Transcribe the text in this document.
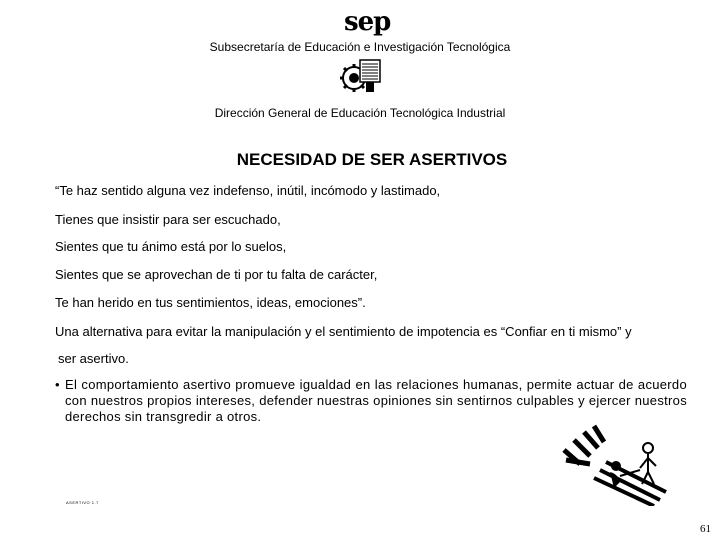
sep
Subsecretaría de Educación e Investigación Tecnológica
Dirección General de Educación Tecnológica Industrial
NECESIDAD DE SER ASERTIVOS
“Te haz sentido alguna vez indefenso, inútil, incómodo y lastimado,
Tienes que insistir para ser escuchado,
Sientes que tu ánimo está por lo suelos,
Sientes que se aprovechan de ti por tu falta de carácter,
Te han herido en tus sentimientos, ideas, emociones”.
Una alternativa para evitar la manipulación y el sentimiento de impotencia es “Confiar en ti mismo” y
ser asertivo.
• El comportamiento asertivo promueve igualdad en las relaciones humanas, permite actuar de acuerdo con nuestros propios intereses, defender nuestras opiniones sin sentirnos culpables y ejercer nuestros derechos sin transgredir a otros.
ASERTIVO 1.7
61
